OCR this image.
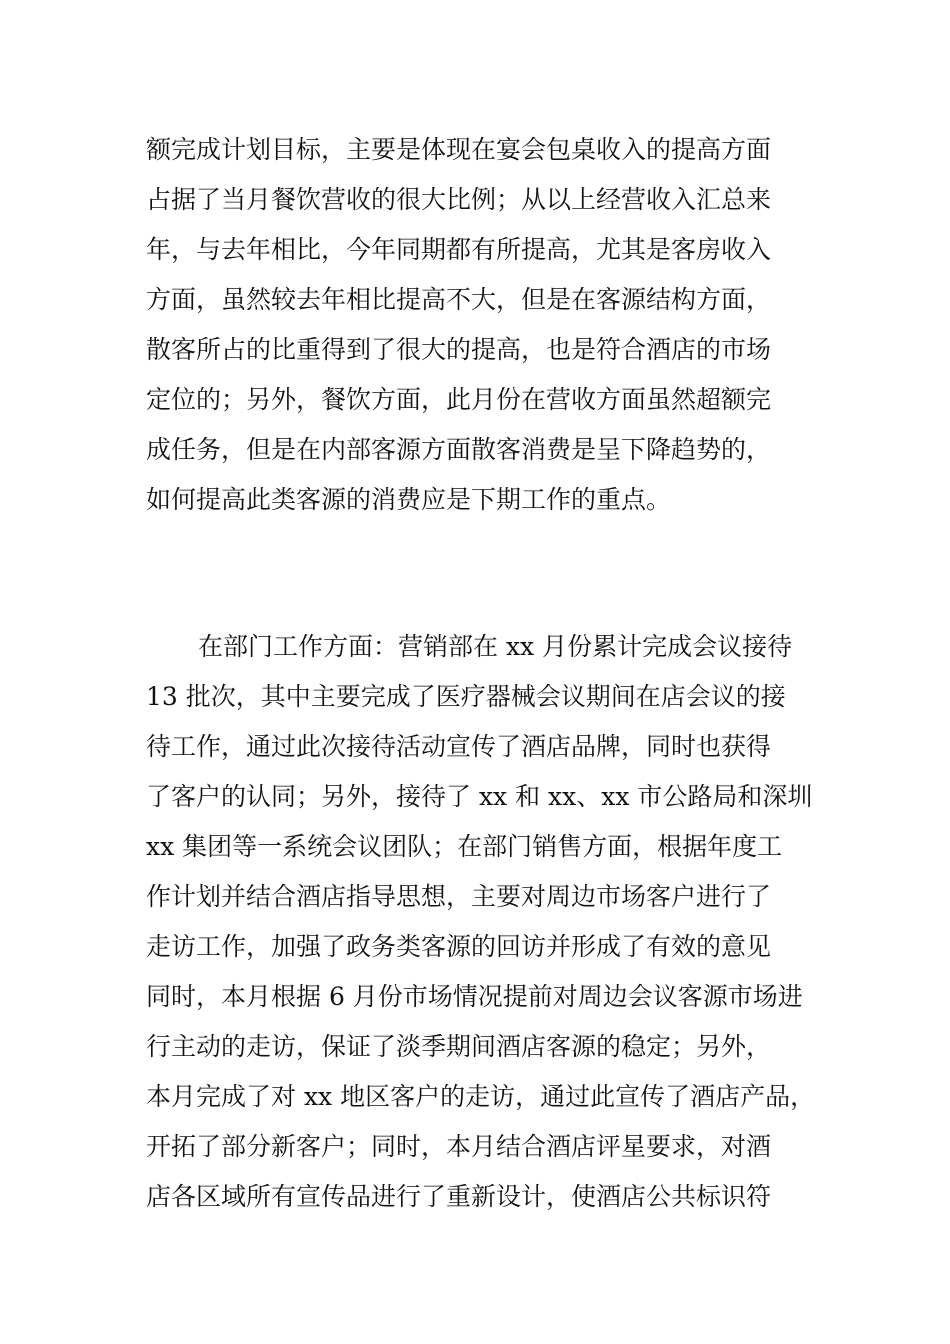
额完成计划目标，主要是体现在宴会包桌收入的提高方面
占据了当月餐饮营收的很大比例；从以上经营收入汇总来
年，与去年相比，今年同期都有所提高，尤其是客房收入
方面，虽然较去年相比提高不大，但是在客源结构方面，
散客所占的比重得到了很大的提高，也是符合酒店的市场
定位的；另外，餐饮方面，此月份在营收方面虽然超额完
成任务，但是在内部客源方面散客消费是呈下降趋势的，
如何提高此类客源的消费应是下期工作的重点。
在部门工作方面：营销部在 xx 月份累计完成会议接待
13 批次，其中主要完成了医疗器械会议期间在店会议的接
待工作，通过此次接待活动宣传了酒店品牌，同时也获得
了客户的认同；另外，接待了 xx 和 xx、xx 市公路局和深圳
xx 集团等一系统会议团队；在部门销售方面，根据年度工
作计划并结合酒店指导思想，主要对周边市场客户进行了
走访工作，加强了政务类客源的回访并形成了有效的意见
同时，本月根据 6 月份市场情况提前对周边会议客源市场进
行主动的走访，保证了淡季期间酒店客源的稳定；另外，
本月完成了对 xx 地区客户的走访，通过此宣传了酒店产品，
开拓了部分新客户；同时，本月结合酒店评星要求，对酒
店各区域所有宣传品进行了重新设计，使酒店公共标识符
